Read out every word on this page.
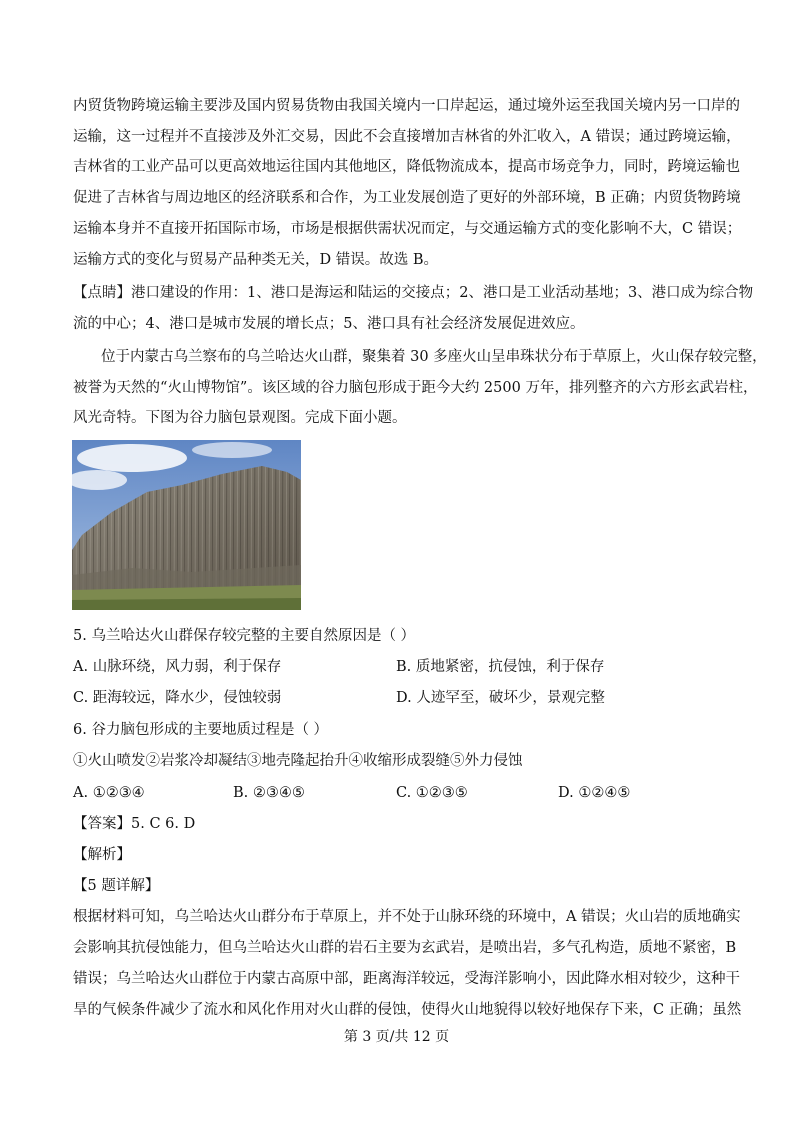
内贸货物跨境运输主要涉及国内贸易货物由我国关境内一口岸起运，通过境外运至我国关境内另一口岸的
运输，这一过程并不直接涉及外汇交易，因此不会直接增加吉林省的外汇收入，A 错误；通过跨境运输，
吉林省的工业产品可以更高效地运往国内其他地区，降低物流成本，提高市场竞争力，同时，跨境运输也
促进了吉林省与周边地区的经济联系和合作，为工业发展创造了更好的外部环境，B 正确；内贸货物跨境
运输本身并不直接开拓国际市场，市场是根据供需状况而定，与交通运输方式的变化影响不大，C 错误；
运输方式的变化与贸易产品种类无关，D 错误。故选 B。
【点睛】港口建设的作用：1、港口是海运和陆运的交接点；2、港口是工业活动基地；3、港口成为综合物
流的中心；4、港口是城市发展的增长点；5、港口具有社会经济发展促进效应。
位于内蒙古乌兰察布的乌兰哈达火山群，聚集着 30 多座火山呈串珠状分布于草原上，火山保存较完整，
被誉为天然的“火山博物馆”。该区域的谷力脑包形成于距今大约 2500 万年，排列整齐的六方形玄武岩柱，
风光奇特。下图为谷力脑包景观图。完成下面小题。
5. 乌兰哈达火山群保存较完整的主要自然原因是（ ）
A. 山脉环绕，风力弱，利于保存	B. 质地紧密，抗侵蚀，利于保存
C. 距海较远，降水少，侵蚀较弱	D. 人迹罕至，破坏少，景观完整
6. 谷力脑包形成的主要地质过程是（ ）
①火山喷发②岩浆冷却凝结③地壳隆起抬升④收缩形成裂缝⑤外力侵蚀
A. ①②③④	B. ②③④⑤	C. ①②③⑤	D. ①②④⑤
【答案】5. C 6. D
【解析】
【5 题详解】
根据材料可知，乌兰哈达火山群分布于草原上，并不处于山脉环绕的环境中，A 错误；火山岩的质地确实
会影响其抗侵蚀能力，但乌兰哈达火山群的岩石主要为玄武岩，是喷出岩，多气孔构造，质地不紧密，B
错误；乌兰哈达火山群位于内蒙古高原中部，距离海洋较远，受海洋影响小，因此降水相对较少，这种干
旱的气候条件减少了流水和风化作用对火山群的侵蚀，使得火山地貌得以较好地保存下来，C 正确；虽然
第 3 页/共 12 页
